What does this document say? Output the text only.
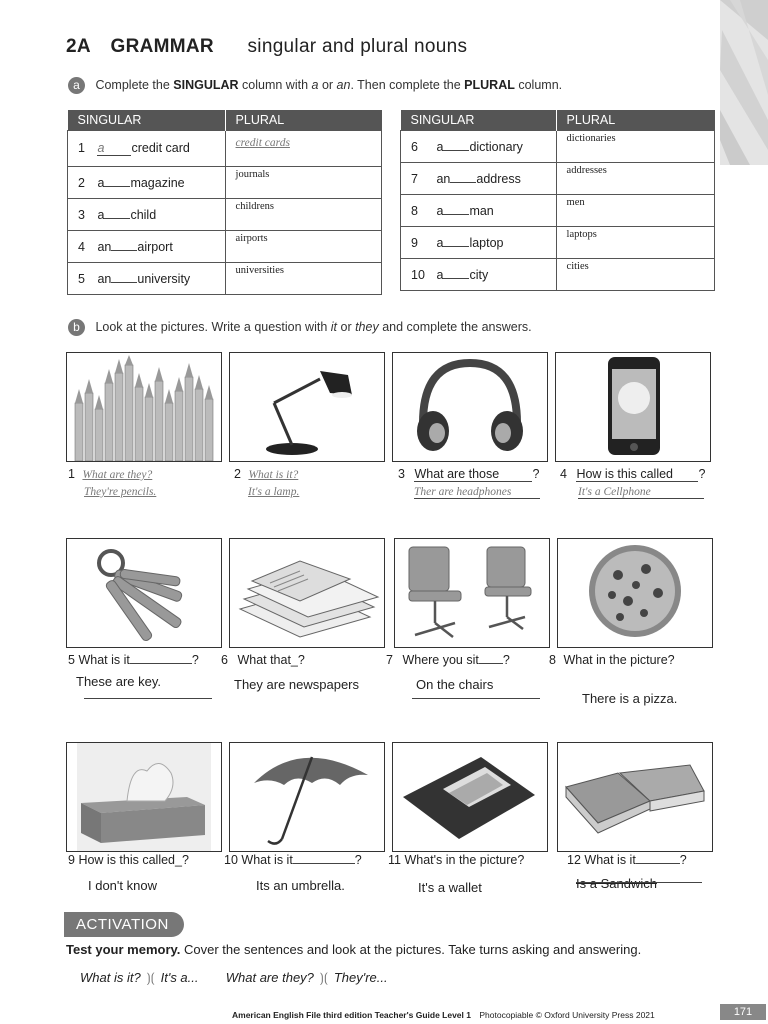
2A GRAMMAR singular and plural nouns
a Complete the SINGULAR column with a or an. Then complete the PLURAL column.
SINGULAR	PLURAL
1 a credit card	credit cards
2 a magazine	journals
3 a child	childrens
4 an airport	airports
5 an university	universities
SINGULAR	PLURAL
6 a dictionary	dictionaries
7 an address	addresses
8 a man	men
9 a laptop	laptops
10 a city	cities
b Look at the pictures. Write a question with it or they and complete the answers.
1 What are they?
They're pencils.
2 What is it?
It's a lamp.
3 What are those	?
Ther are headphones
4 How is this called ?
It's a Cellphone
5 What is it	?
These are key.
6 What that_?
They are newspapers
7 Where you sit ?
On the chairs
8 What in the picture?
There is a pizza.
9 How is this called_?
I don't know
10 What is it	?
Its an umbrella.
11 What's in the picture?
It's a wallet
12 What is it	?
Is a Sandwich
ACTIVATION
Test your memory. Cover the sentences and look at the pictures. Take turns asking and answering.
What is it? ⟯⟮ It's a... What are they? ⟯⟮ They're...
American English File third edition Teacher's Guide Level 1 Photocopiable © Oxford University Press 2021	171
